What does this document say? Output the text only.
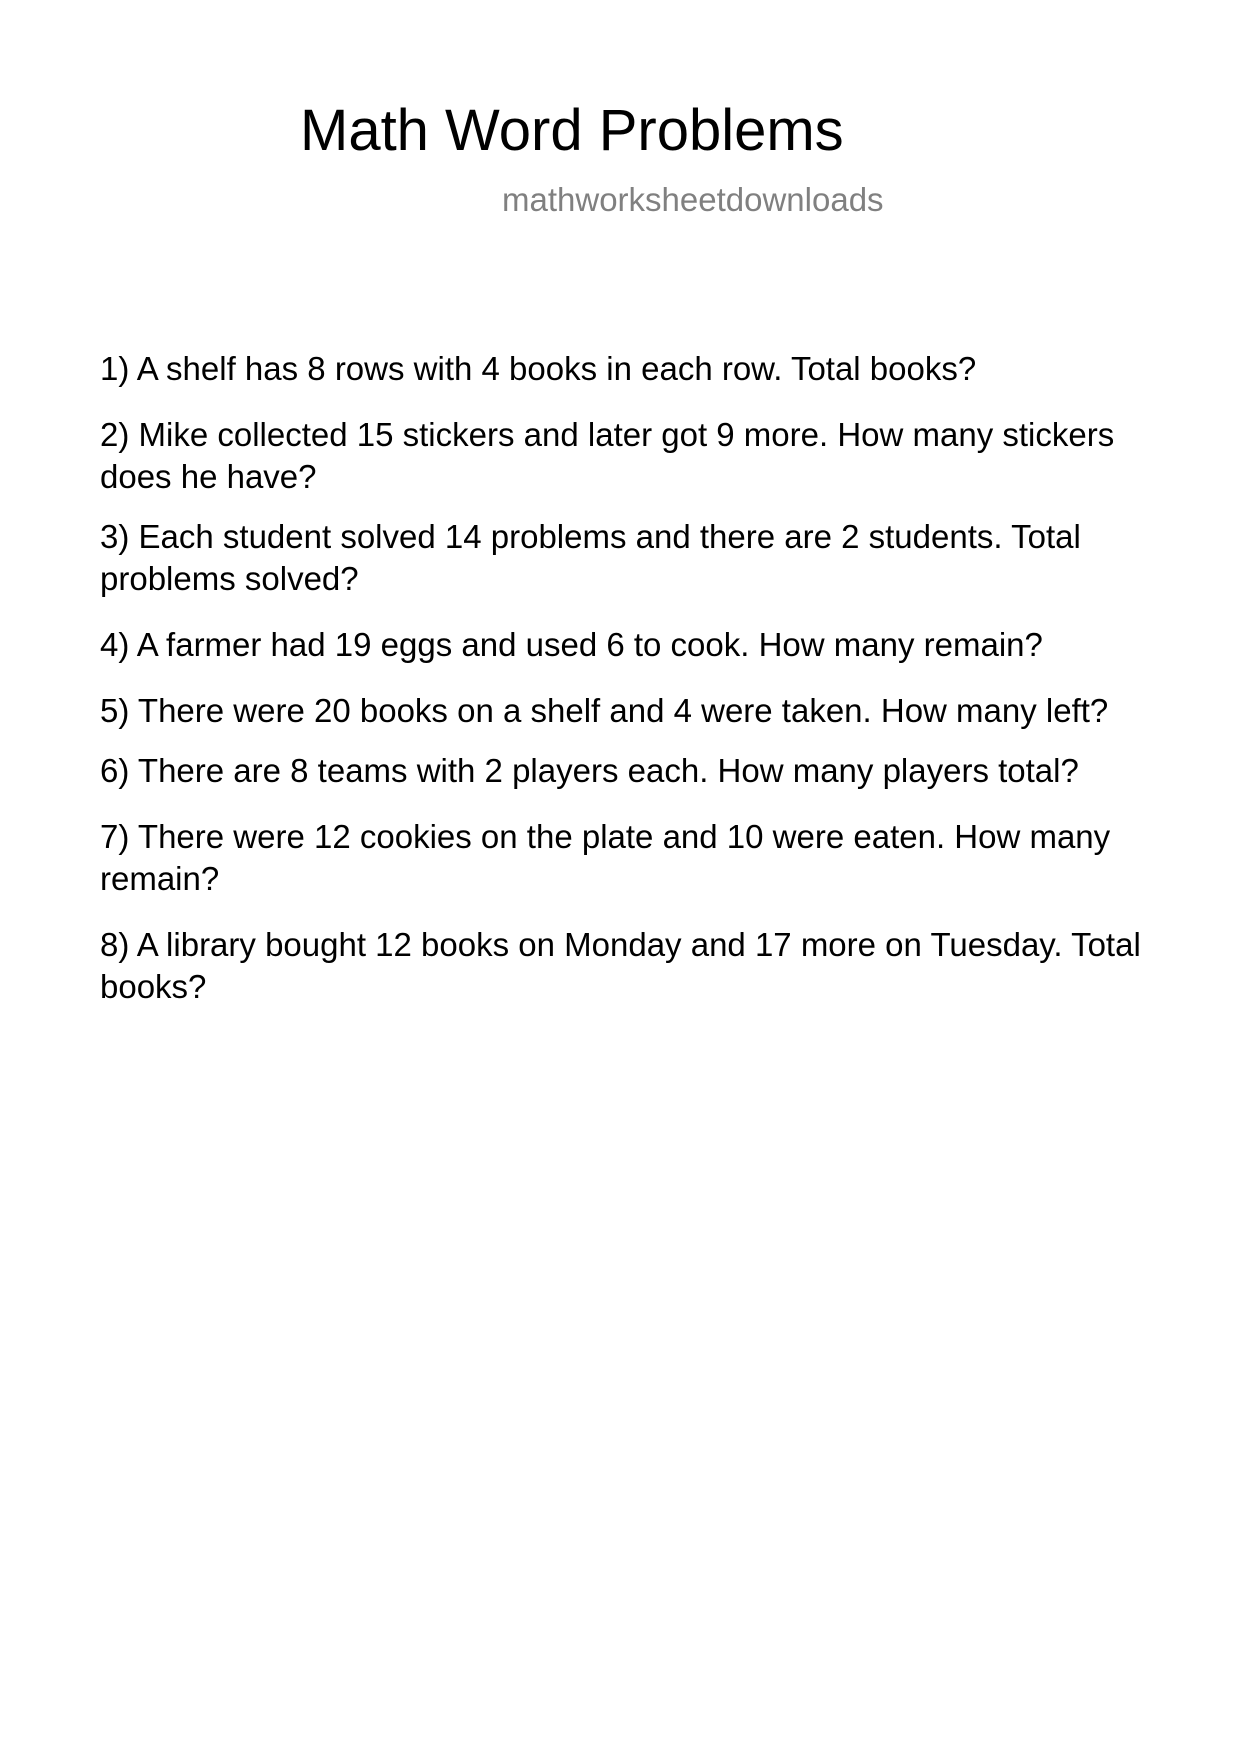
Math Word Problems
mathworksheetdownloads
1) A shelf has 8 rows with 4 books in each row. Total books?
2) Mike collected 15 stickers and later got 9 more. How many stickers does he have?
3) Each student solved 14 problems and there are 2 students. Total problems solved?
4) A farmer had 19 eggs and used 6 to cook. How many remain?
5) There were 20 books on a shelf and 4 were taken. How many left?
6) There are 8 teams with 2 players each. How many players total?
7) There were 12 cookies on the plate and 10 were eaten. How many remain?
8) A library bought 12 books on Monday and 17 more on Tuesday. Total books?
